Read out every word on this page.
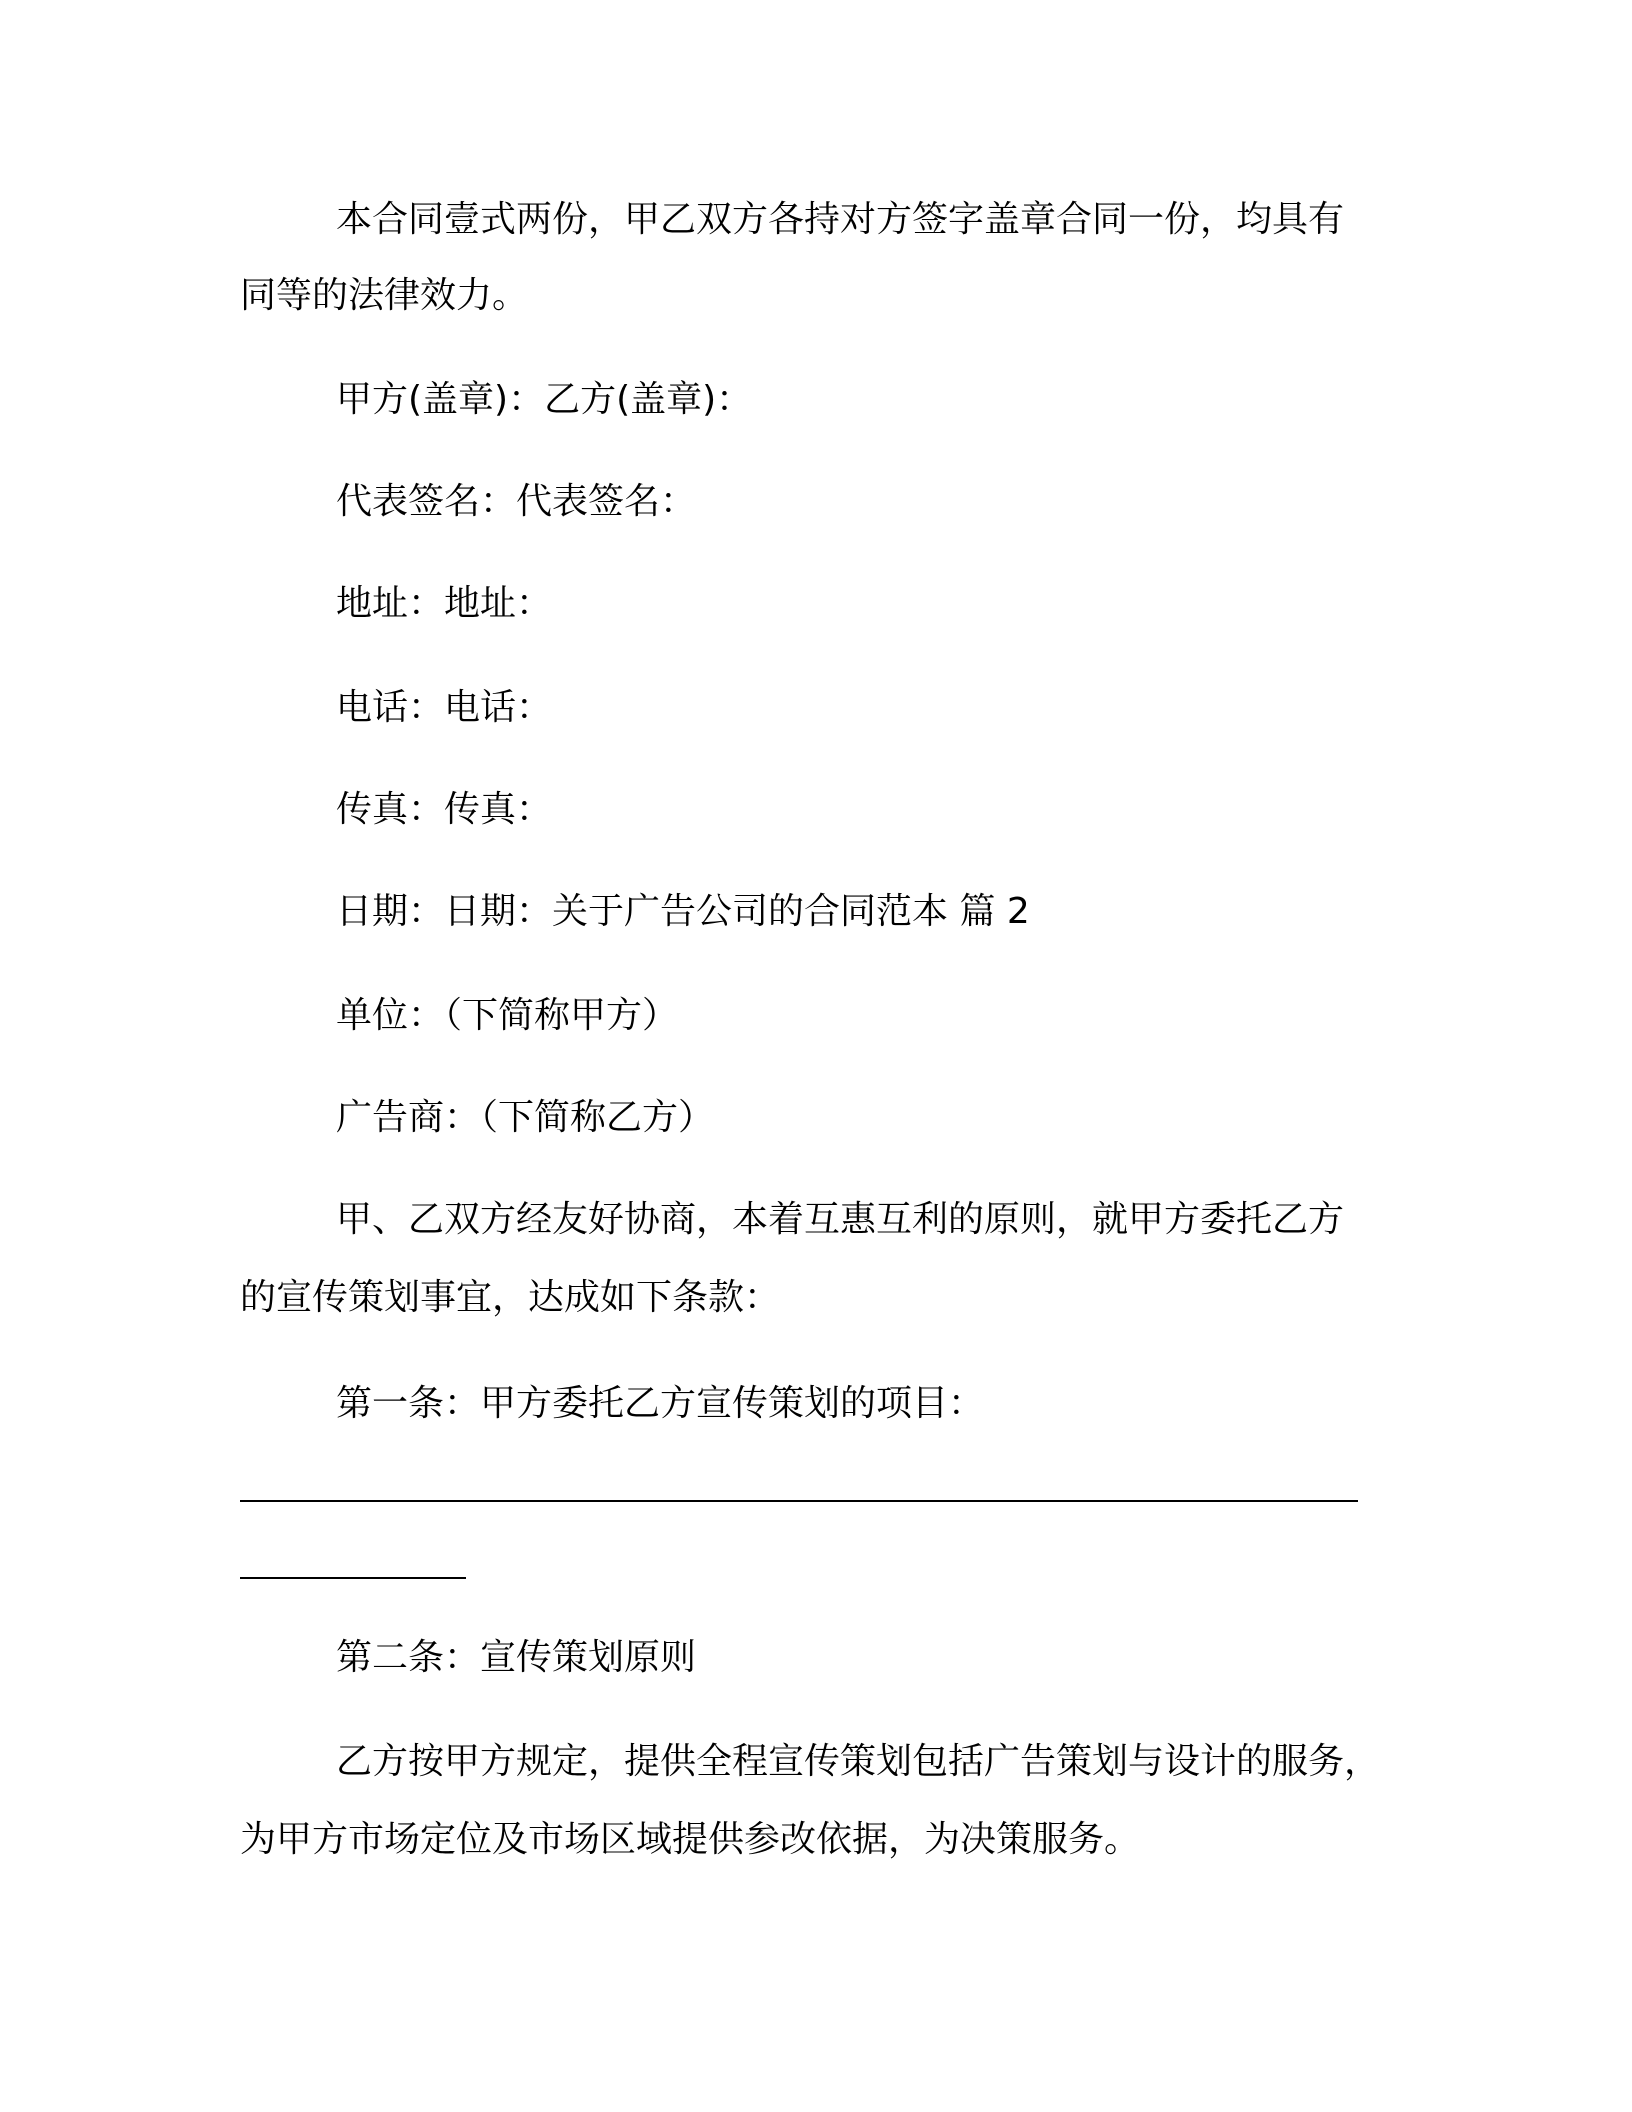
本合同壹式两份，甲乙双方各持对方签字盖章合同一份，均具有
同等的法律效力。
甲方(盖章)：乙方(盖章)：
代表签名：代表签名：
地址：地址：
电话：电话：
传真：传真：
日期：日期：关于广告公司的合同范本 篇 2
单位：（下简称甲方）
广告商：（下简称乙方）
甲、乙双方经友好协商，本着互惠互利的原则，就甲方委托乙方
的宣传策划事宜，达成如下条款：
第一条：甲方委托乙方宣传策划的项目：
第二条：宣传策划原则
乙方按甲方规定，提供全程宣传策划包括广告策划与设计的服务，
为甲方市场定位及市场区域提供参改依据，为决策服务。
